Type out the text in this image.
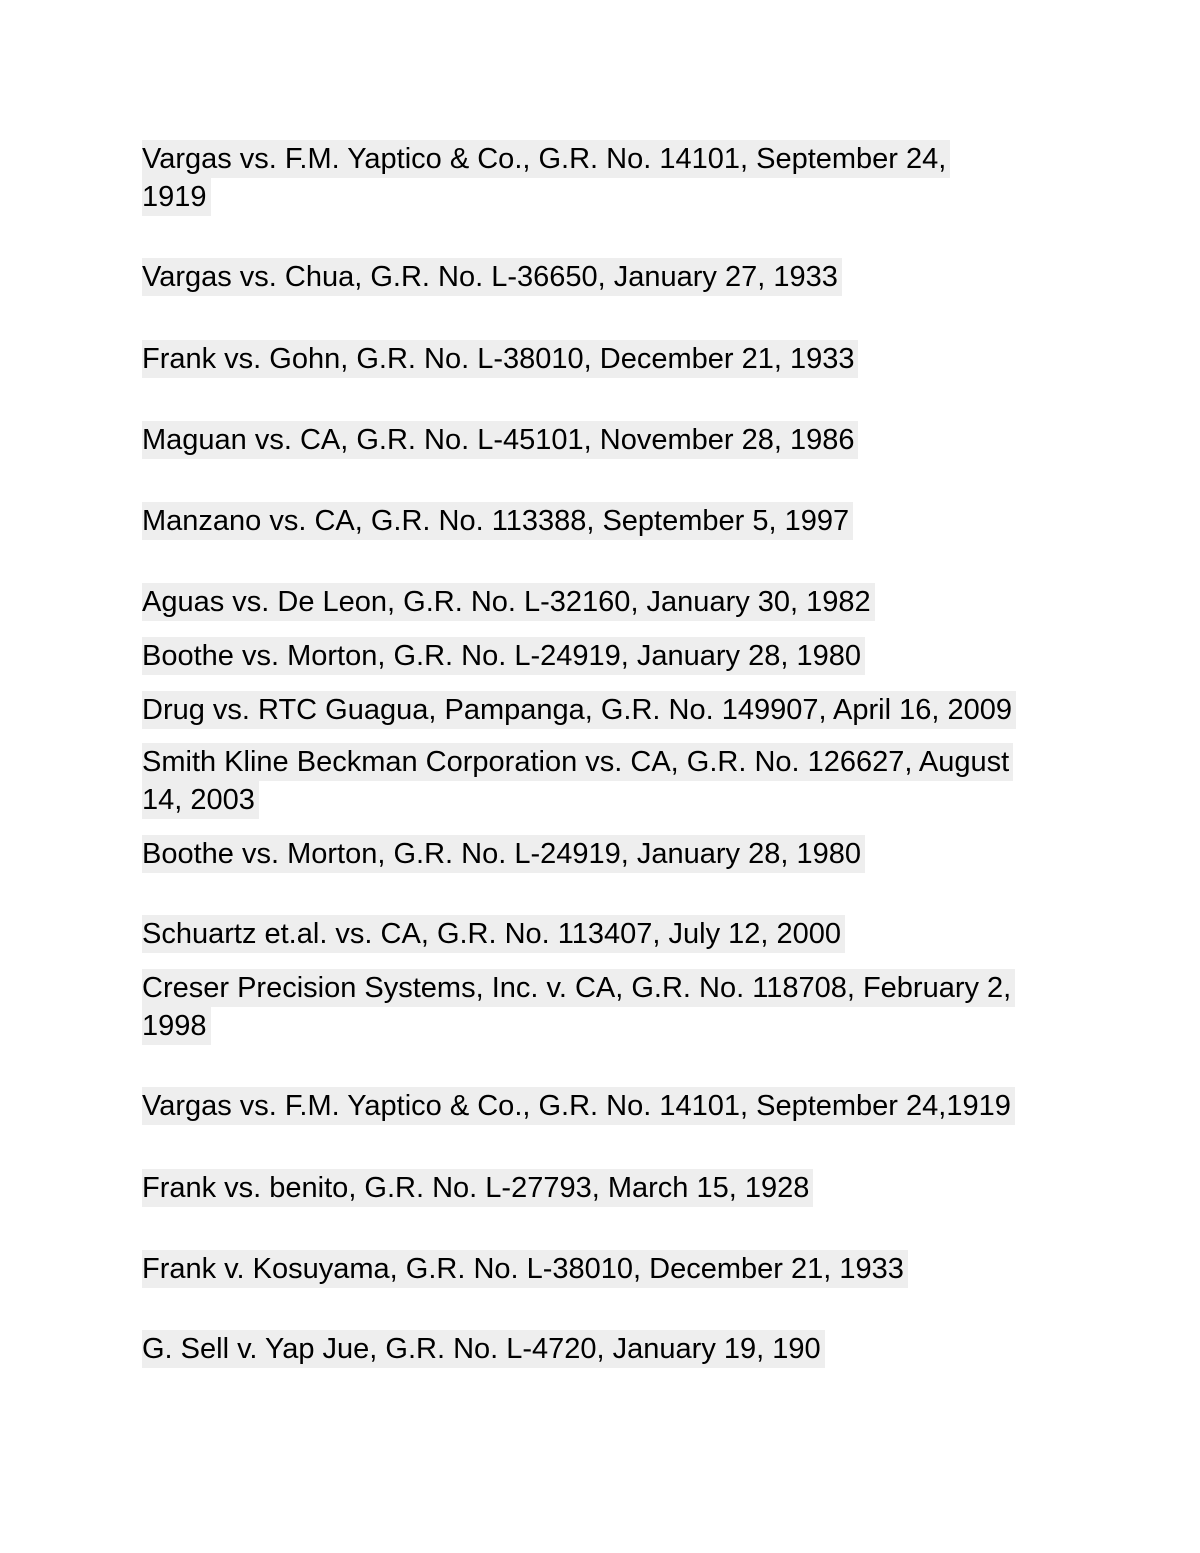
Vargas vs. F.M. Yaptico & Co., G.R. No. 14101, September 24,
1919

Vargas vs. Chua, G.R. No. L-36650, January 27, 1933

Frank vs. Gohn, G.R. No. L-38010, December 21, 1933

Maguan vs. CA, G.R. No. L-45101, November 28, 1986

Manzano vs. CA, G.R. No. 113388, September 5, 1997

Aguas vs. De Leon, G.R. No. L-32160, January 30, 1982

Boothe vs. Morton, G.R. No. L-24919, January 28, 1980

Drug vs. RTC Guagua, Pampanga, G.R. No. 149907, April 16, 2009

Smith Kline Beckman Corporation vs. CA, G.R. No. 126627, August
14, 2003

Boothe vs. Morton, G.R. No. L-24919, January 28, 1980

Schuartz et.al. vs. CA, G.R. No. 113407, July 12, 2000

Creser Precision Systems, Inc. v. CA, G.R. No. 118708, February 2,
1998

Vargas vs. F.M. Yaptico & Co., G.R. No. 14101, September 24,1919

Frank vs. benito, G.R. No. L-27793, March 15, 1928

Frank v. Kosuyama, G.R. No. L-38010, December 21, 1933

G. Sell v. Yap Jue, G.R. No. L-4720, January 19, 190
